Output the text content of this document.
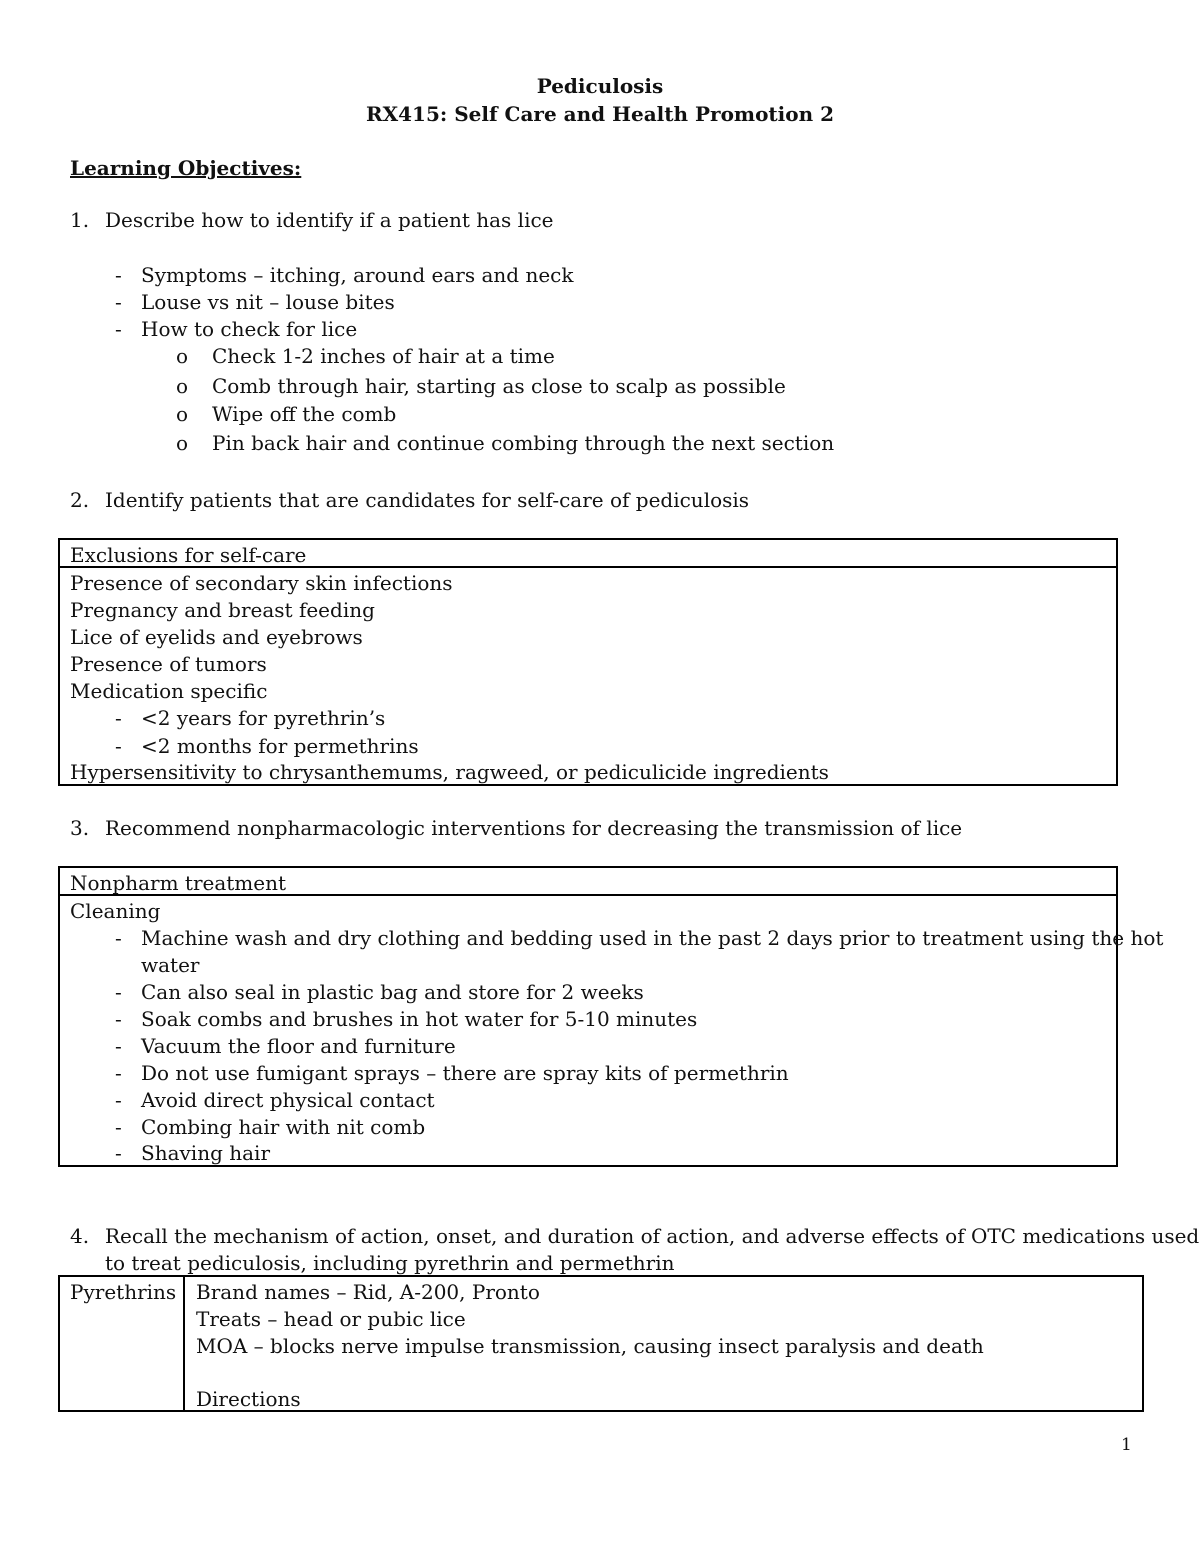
Pediculosis
RX415: Self Care and Health Promotion 2
Learning Objectives:
1. Describe how to identify if a patient has lice
- Symptoms – itching, around ears and neck
- Louse vs nit – louse bites
- How to check for lice
o Check 1-2 inches of hair at a time
o Comb through hair, starting as close to scalp as possible
o Wipe off the comb
o Pin back hair and continue combing through the next section
2. Identify patients that are candidates for self-care of pediculosis
Exclusions for self-care
Presence of secondary skin infections
Pregnancy and breast feeding
Lice of eyelids and eyebrows
Presence of tumors
Medication specific
- <2 years for pyrethrin’s
- <2 months for permethrins
Hypersensitivity to chrysanthemums, ragweed, or pediculicide ingredients
3. Recommend nonpharmacologic interventions for decreasing the transmission of lice
Nonpharm treatment
Cleaning
- Machine wash and dry clothing and bedding used in the past 2 days prior to treatment using the hot
water
- Can also seal in plastic bag and store for 2 weeks
- Soak combs and brushes in hot water for 5-10 minutes
- Vacuum the floor and furniture
- Do not use fumigant sprays – there are spray kits of permethrin
- Avoid direct physical contact
- Combing hair with nit comb
- Shaving hair
4. Recall the mechanism of action, onset, and duration of action, and adverse effects of OTC medications used
to treat pediculosis, including pyrethrin and permethrin
Pyrethrins Brand names – Rid, A-200, Pronto
Treats – head or pubic lice
MOA – blocks nerve impulse transmission, causing insect paralysis and death
Directions
1
